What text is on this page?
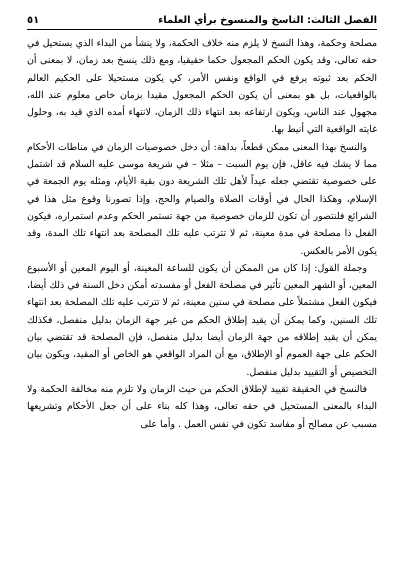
الفصل الثالث: الناسخ والمنسوخ برأي العلماء
٥١

مصلحة وحكمة، وهذا النسخ لا يلزم منه خلاف الحكمة، ولا ينشأ من البداء الذي يستحيل في حقه تعالى، وقد يكون الحكم المجعول حكما حقيقيا، ومع ذلك ينسخ بعد زمان، لا بمعنى أن الحكم بعد ثبوته يرفع في الواقع ونفس الأمر، كي يكون مستحيلا على الحكيم العالم بالواقعيات، بل هو بمعنى أن يكون الحكم المجعول مقيدا بزمان خاص معلوم عند الله، مجهول عند الناس، ويكون ارتفاعه بعد انتهاء ذلك الزمان، لانتهاء أمده الذي قيد به، وحلول غايته الواقعية التي أنيط بها.

والنسخ بهذا المعنى ممكن قطعاً، بداهة: أن دخل خصوصيات الزمان في مناطات الأحكام مما لا يشك فيه عاقل، فإن يوم السبت – مثلا – في شريعة موسى عليه السلام قد اشتمل على خصوصية تقتضي جعله عيداً لأهل تلك الشريعة دون بقية الأيام، ومثله يوم الجمعة في الإسلام، وهكذا الحال في أوقات الصلاة والصيام والحج، وإذا تصورنا وقوع مثل هذا في الشرائع فلنتصور أن تكون للزمان خصوصية من جهة تستمر الحكم وعدم استمراره، فيكون الفعل ذا مصلحة في مدة معينة، ثم لا تترتب عليه تلك المصلحة بعد انتهاء تلك المدة، وقد يكون الأمر بالعكس.

وجملة القول: إذا كان من الممكن أن يكون للساعة المعينة، أو اليوم المعين أو الأسبوع المعين، أو الشهر المعين تأثير في مصلحة الفعل أو مفسدته أمكن دخل السنة في ذلك أيضا، فيكون الفعل مشتملاً على مصلحة في سنين معينة، ثم لا تترتب عليه تلك المصلحة بعد انتهاء تلك السنين، وكما يمكن أن يقيد إطلاق الحكم من غير جهة الزمان بدليل منفصل، فكذلك يمكن أن يقيد إطلاقه من جهة الزمان أيضا بدليل منفصل، فإن المصلحة قد تقتضي بيان الحكم على جهة العموم أو الإطلاق، مع أن المراد الواقعي هو الخاص أو المقيد، ويكون بيان التخصيص أو التقييد بدليل منفصل.

فالنسخ في الحقيقة تقييد لإطلاق الحكم من حيث الزمان ولا تلزم منه مخالفة الحكمة ولا البداء بالمعنى المستحيل في حقه تعالى، وهذا كله بناء على أن جعل الأحكام وتشريعها مسبب عن مصالح أو مفاسد تكون في نفس العمل . وأما على
